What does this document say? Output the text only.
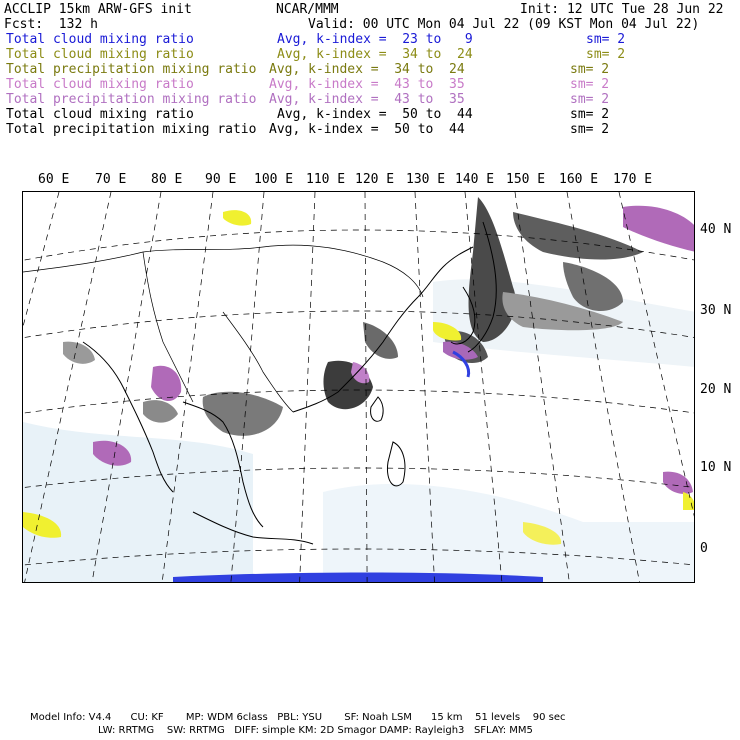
ACCLIP 15km ARW-GFS init	NCAR/MMM	Init: 12 UTC Tue 28 Jun 22
Fcst:  132 h	Valid: 00 UTC Mon 04 Jul 22 (09 KST Mon 04 Jul 22)
Total cloud mixing ratio	Avg, k-index =  23 to   9	sm= 2
Total cloud mixing ratio	Avg, k-index =  34 to  24	sm= 2
Total precipitation mixing ratio Avg, k-index =  34 to  24	sm= 2
Total cloud mixing ratio	Avg, k-index =  43 to  35	sm= 2
Total precipitation mixing ratio Avg, k-index =  43 to  35	sm= 2
Total cloud mixing ratio	Avg, k-index =  50 to  44	sm= 2
Total precipitation mixing ratio Avg, k-index =  50 to  44	sm= 2
60 E 70 E 80 E 90 E 100 E 110 E 120 E 130 E 140 E 150 E 160 E 170 E
40 N
30 N
20 N
10 N
0
Model Info: V4.4      CU: KF       MP: WDM 6class   PBL: YSU       SF: Noah LSM      15 km    51 levels    90 sec
LW: RRTMG    SW: RRTMG   DIFF: simple KM: 2D Smagor DAMP: Rayleigh3   SFLAY: MM5
